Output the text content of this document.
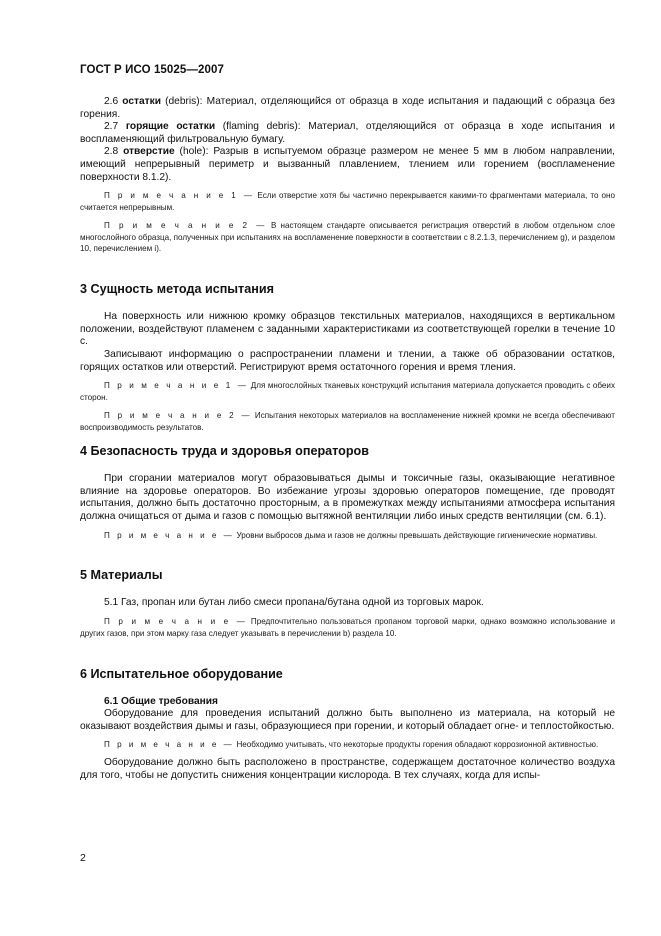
ГОСТ Р ИСО 15025—2007

2.6 остатки (debris): Материал, отделяющийся от образца в ходе испытания и падающий с образца без горения.

2.7 горящие остатки (flaming debris): Материал, отделяющийся от образца в ходе испытания и воспламеняющий фильтровальную бумагу.

2.8 отверстие (hole): Разрыв в испытуемом образце размером не менее 5 мм в любом направлении, имеющий непрерывный периметр и вызванный плавлением, тлением или горением (воспламенение поверхности 8.1.2).

П р и м е ч а н и е 1 — Если отверстие хотя бы частично перекрывается какими-то фрагментами материала, то оно считается непрерывным.

П р и м е ч а н и е 2 — В настоящем стандарте описывается регистрация отверстий в любом отдельном слое многослойного образца, полученных при испытаниях на воспламенение поверхности в соответствии с 8.2.1.3, перечислением g), и разделом 10, перечислением i).

3 Сущность метода испытания

На поверхность или нижнюю кромку образцов текстильных материалов, находящихся в вертикальном положении, воздействуют пламенем с заданными характеристиками из соответствующей горелки в течение 10 с.

Записывают информацию о распространении пламени и тлении, а также об образовании остатков, горящих остатков или отверстий. Регистрируют время остаточного горения и время тления.

П р и м е ч а н и е 1 — Для многослойных тканевых конструкций испытания материала допускается проводить с обеих сторон.

П р и м е ч а н и е 2 — Испытания некоторых материалов на воспламенение нижней кромки не всегда обеспечивают воспроизводимость результатов.

4 Безопасность труда и здоровья операторов

При сгорании материалов могут образовываться дымы и токсичные газы, оказывающие негативное влияние на здоровье операторов. Во избежание угрозы здоровью операторов помещение, где проводят испытания, должно быть достаточно просторным, а в промежутках между испытаниями атмосфера испытания должна очищаться от дыма и газов с помощью вытяжной вентиляции либо иных средств вентиляции (см. 6.1).

П р и м е ч а н и е — Уровни выбросов дыма и газов не должны превышать действующие гигиенические нормативы.

5 Материалы

5.1 Газ, пропан или бутан либо смеси пропана/бутана одной из торговых марок.

П р и м е ч а н и е — Предпочтительно пользоваться пропаном торговой марки, однако возможно использование и других газов, при этом марку газа следует указывать в перечислении b) раздела 10.

6 Испытательное оборудование
6.1 Общие требования

Оборудование для проведения испытаний должно быть выполнено из материала, на который не оказывают воздействия дымы и газы, образующиеся при горении, и который обладает огне- и теплостойкостью.

П р и м е ч а н и е — Необходимо учитывать, что некоторые продукты горения обладают коррозионной активностью.

Оборудование должно быть расположено в пространстве, содержащем достаточное количество воздуха для того, чтобы не допустить снижения концентрации кислорода. В тех случаях, когда для испы-

2
